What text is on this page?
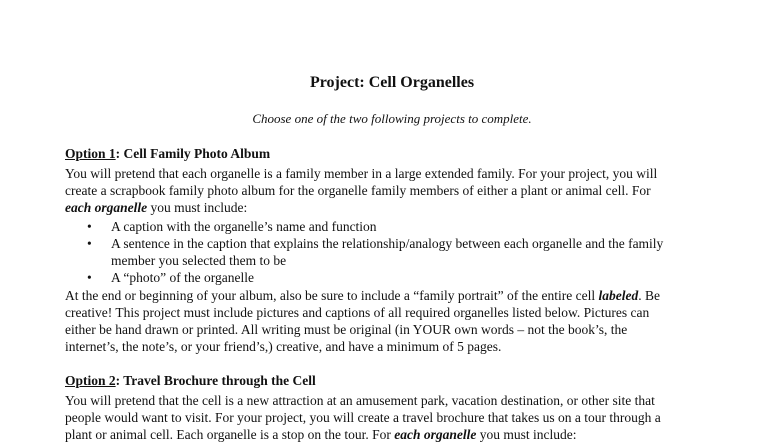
Project: Cell Organelles
Choose one of the two following projects to complete.
Option 1: Cell Family Photo Album

You will pretend that each organelle is a family member in a large extended family. For your project, you will
create a scrapbook family photo album for the organelle family members of either a plant or animal cell. For
each organelle you must include:

• A caption with the organelle’s name and function
• A sentence in the caption that explains the relationship/analogy between each organelle and the family
member you selected them to be
• A “photo” of the organelle

At the end or beginning of your album, also be sure to include a “family portrait” of the entire cell labeled. Be
creative! This project must include pictures and captions of all required organelles listed below. Pictures can
either be hand drawn or printed. All writing must be original (in YOUR own words – not the book’s, the
internet’s, the note’s, or your friend’s,) creative, and have a minimum of 5 pages.

Option 2: Travel Brochure through the Cell

You will pretend that the cell is a new attraction at an amusement park, vacation destination, or other site that
people would want to visit. For your project, you will create a travel brochure that takes us on a tour through a
plant or animal cell. Each organelle is a stop on the tour. For each organelle you must include:
